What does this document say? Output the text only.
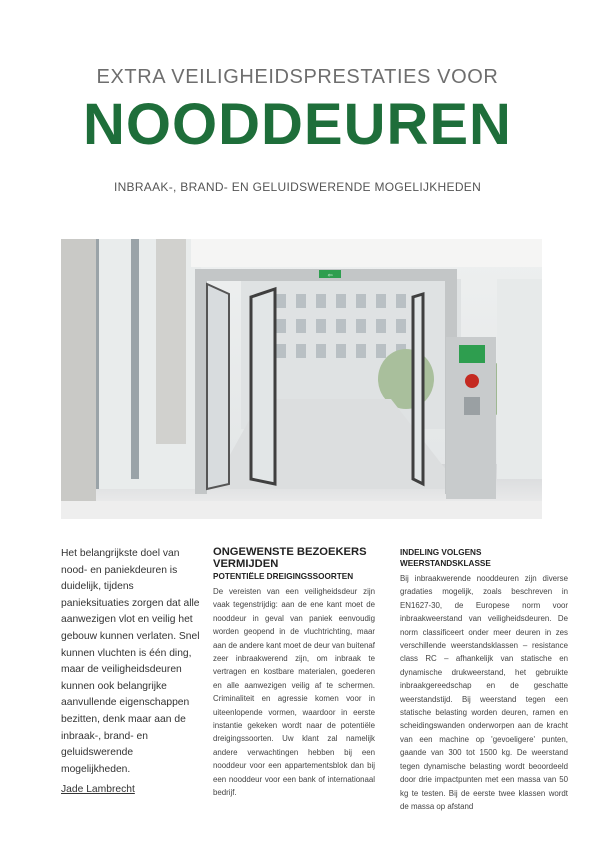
EXTRA VEILIGHEIDSPRESTATIES VOOR
NOODDEUREN
INBRAAK-, BRAND- EN GELUIDSWERENDE MOGELIJKHEDEN
⇦
Het belangrijkste doel van nood- en paniekdeuren is duidelijk, tijdens panieksituaties zorgen dat alle aanwezigen vlot en veilig het gebouw kunnen verlaten. Snel kunnen vluchten is één ding, maar de veiligheidsdeuren kunnen ook belangrijke aanvullende eigenschappen bezitten, denk maar aan de inbraak-, brand- en geluidswerende mogelijkheden.
Jade Lambrecht
ONGEWENSTE BEZOEKERS VERMIJDEN
POTENTIËLE DREIGINGSSOORTEN
De vereisten van een veiligheidsdeur zijn vaak tegenstrijdig: aan de ene kant moet de nooddeur in geval van paniek eenvoudig worden geopend in de vluchtrichting, maar aan de andere kant moet de deur van buitenaf zeer inbraakwerend zijn, om inbraak te vertragen en kostbare materialen, goederen en alle aanwezigen veilig af te schermen. Criminaliteit en agressie komen voor in uiteenlopende vormen, waardoor in eerste instantie gekeken wordt naar de potentiële dreigingssoorten. Uw klant zal namelijk andere verwachtingen hebben bij een nooddeur voor een appartementsblok dan bij een nooddeur voor een bank of internationaal bedrijf.
INDELING VOLGENS WEERSTANDSKLASSE
Bij inbraakwerende nooddeuren zijn diverse gradaties mogelijk, zoals beschreven in EN1627-30, de Europese norm voor inbraakweerstand van veiligheidsdeuren. De norm classificeert onder meer deuren in zes verschillende weerstandsklassen – resistance class RC – afhankelijk van statische en dynamische drukweerstand, het gebruikte inbraakgereedschap en de geschatte weerstandstijd. Bij weerstand tegen een statische belasting worden deuren, ramen en scheidingswanden onderworpen aan de kracht van een machine op 'gevoeligere' punten, gaande van 300 tot 1500 kg. De weerstand tegen dynamische belasting wordt beoordeeld door drie impactpunten met een massa van 50 kg te testen. Bij de eerste twee klassen wordt de massa op afstand
